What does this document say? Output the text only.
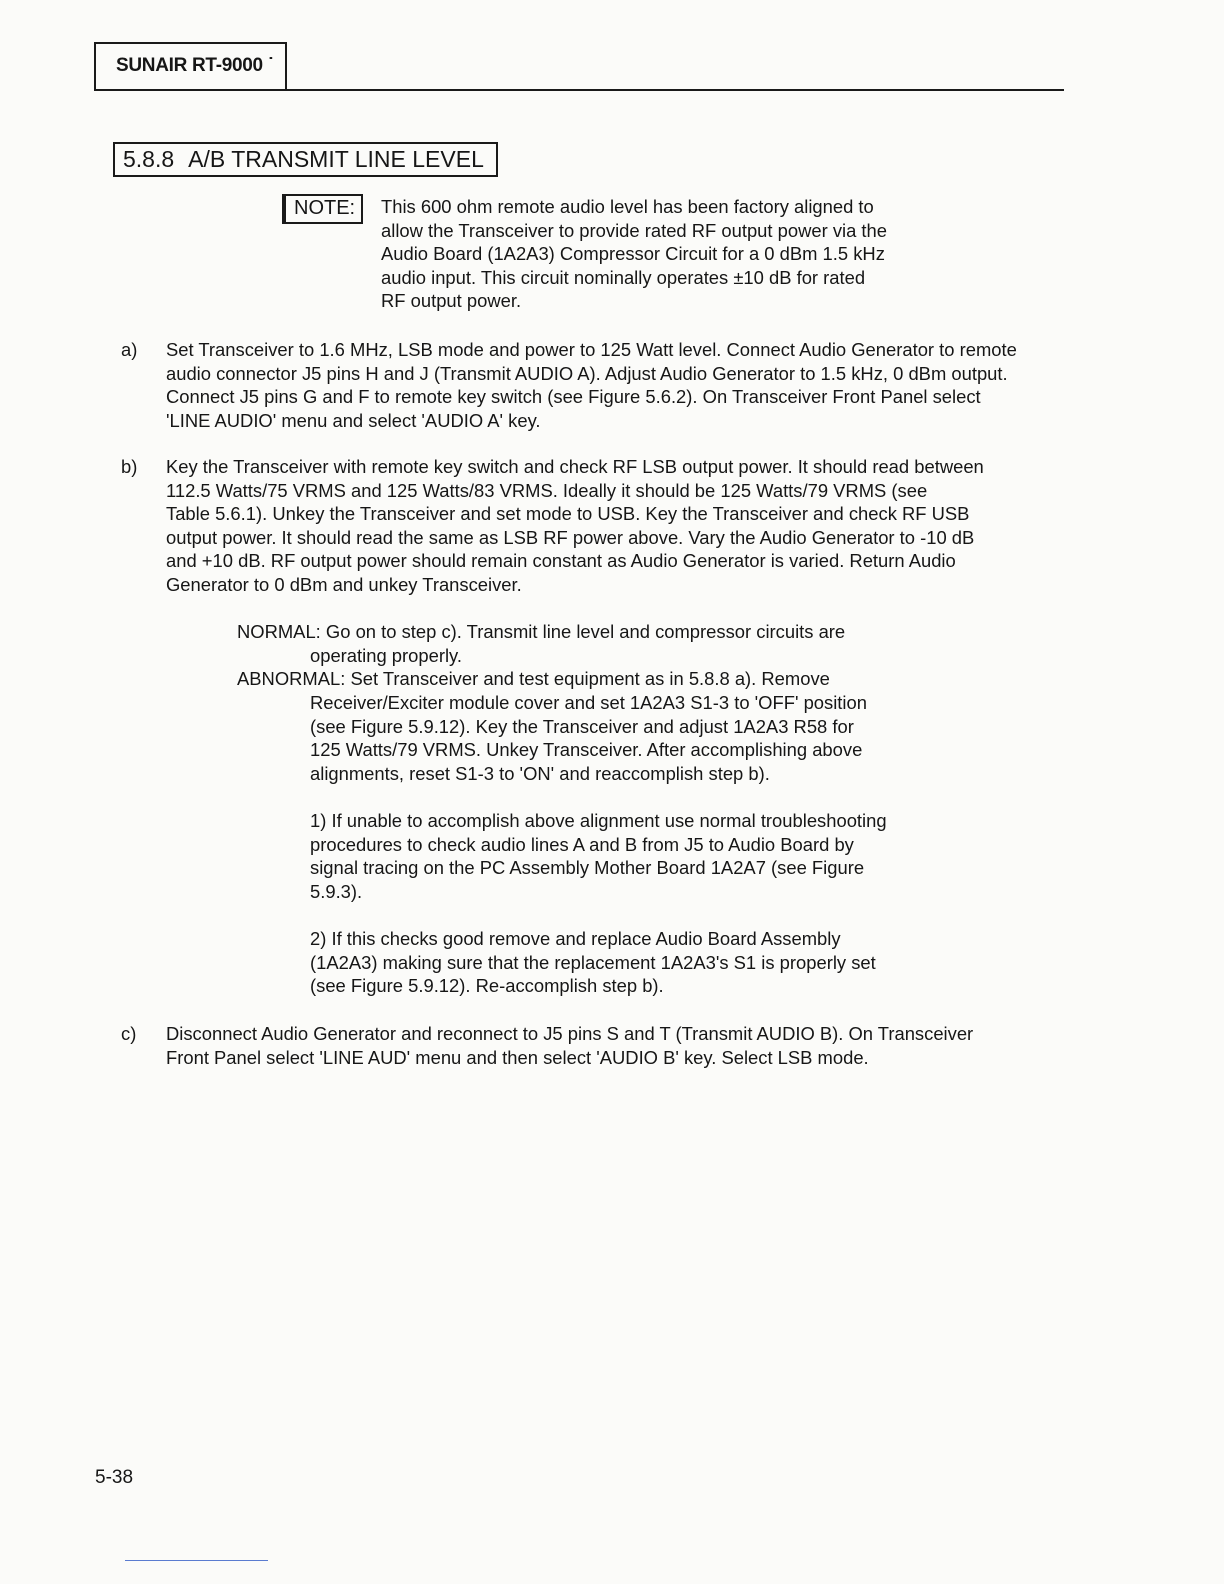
SUNAIR RT-9000 ˙
5.8.8 A/B TRANSMIT LINE LEVEL
NOTE:	This 600 ohm remote audio level has been factory aligned to
allow the Transceiver to provide rated RF output power via the
Audio Board (1A2A3) Compressor Circuit for a 0 dBm 1.5 kHz
audio input. This circuit nominally operates ±10 dB for rated
RF output power.
a) Set Transceiver to 1.6 MHz, LSB mode and power to 125 Watt level. Connect Audio Generator to remote
audio connector J5 pins H and J (Transmit AUDIO A). Adjust Audio Generator to 1.5 kHz, 0 dBm output.
Connect J5 pins G and F to remote key switch (see Figure 5.6.2). On Transceiver Front Panel select
'LINE AUDIO' menu and select 'AUDIO A' key.
b) Key the Transceiver with remote key switch and check RF LSB output power. It should read between
112.5 Watts/75 VRMS and 125 Watts/83 VRMS. Ideally it should be 125 Watts/79 VRMS (see
Table 5.6.1). Unkey the Transceiver and set mode to USB. Key the Transceiver and check RF USB
output power. It should read the same as LSB RF power above. Vary the Audio Generator to -10 dB
and +10 dB. RF output power should remain constant as Audio Generator is varied. Return Audio
Generator to 0 dBm and unkey Transceiver.
NORMAL: Go on to step c). Transmit line level and compressor circuits are
operating properly.
ABNORMAL: Set Transceiver and test equipment as in 5.8.8 a). Remove
Receiver/Exciter module cover and set 1A2A3 S1-3 to 'OFF' position
(see Figure 5.9.12). Key the Transceiver and adjust 1A2A3 R58 for
125 Watts/79 VRMS. Unkey Transceiver. After accomplishing above
alignments, reset S1-3 to 'ON' and reaccomplish step b).
1) If unable to accomplish above alignment use normal troubleshooting
procedures to check audio lines A and B from J5 to Audio Board by
signal tracing on the PC Assembly Mother Board 1A2A7 (see Figure
5.9.3).
2) If this checks good remove and replace Audio Board Assembly
(1A2A3) making sure that the replacement 1A2A3's S1 is properly set
(see Figure 5.9.12). Re-accomplish step b).
c) Disconnect Audio Generator and reconnect to J5 pins S and T (Transmit AUDIO B). On Transceiver
Front Panel select 'LINE AUD' menu and then select 'AUDIO B' key. Select LSB mode.
5-38
